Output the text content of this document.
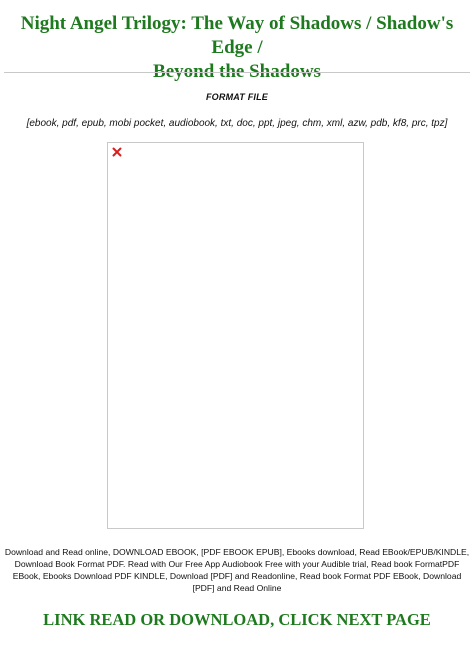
Night Angel Trilogy: The Way of Shadows / Shadow's Edge /
Beyond the Shadows
FORMAT FILE
[ebook, pdf, epub, mobi pocket, audiobook, txt, doc, ppt, jpeg, chm, xml, azw, pdb, kf8, prc, tpz]
Download and Read online, DOWNLOAD EBOOK, [PDF EBOOK EPUB], Ebooks download, Read EBook/EPUB/KINDLE, Download Book Format PDF. Read with Our Free App Audiobook Free with your Audible trial, Read book FormatPDF EBook, Ebooks Download PDF KINDLE, Download [PDF] and Readonline, Read book Format PDF EBook, Download [PDF] and Read Online
LINK READ OR DOWNLOAD, CLICK NEXT PAGE
